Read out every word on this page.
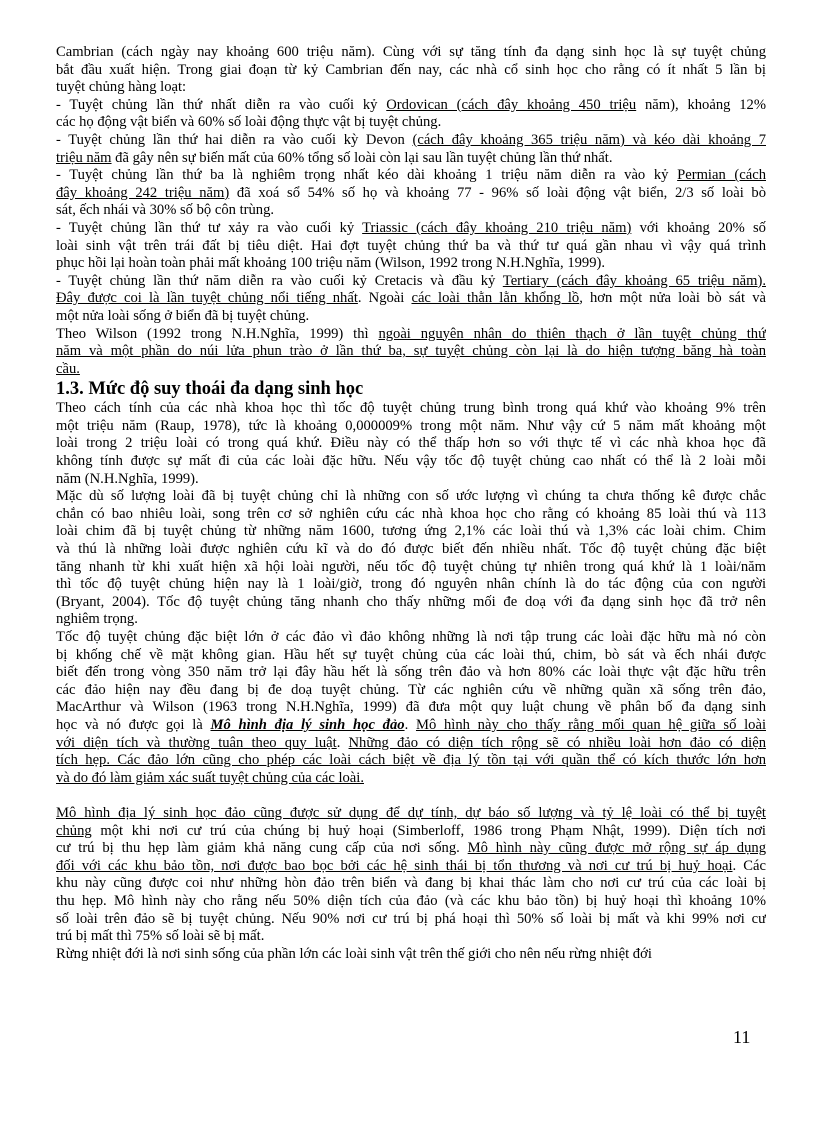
Cambrian (cách ngày nay khoảng 600 triệu năm). Cùng với sự tăng tính đa dạng sinh học là sự tuyệt chủng
bắt đầu xuất hiện. Trong giai đoạn từ kỷ Cambrian đến nay, các nhà cổ sinh học cho rằng có ít nhất 5 lần bị
tuyệt chủng hàng loạt:
- Tuyệt chủng lần thứ nhất diễn ra vào cuối kỷ Ordovican (cách đây khoảng 450 triệu năm), khoảng 12%
các họ động vật biển và 60% số loài động thực vật bị tuyệt chủng.
- Tuyệt chủng lần thứ hai diễn ra vào cuối kỳ Devon (cách đây khoảng 365 triệu năm) và kéo dài khoảng 7
triệu năm đã gây nên sự biến mất của 60% tổng số loài còn lại sau lần tuyệt chủng lần thứ nhất.
- Tuyệt chủng lần thứ ba là nghiêm trọng nhất kéo dài khoảng 1 triệu năm diễn ra vào kỷ Permian (cách
đây khoảng 242 triệu năm) đã xoá sổ 54% số họ và khoảng 77 - 96% số loài động vật biển, 2/3 số loài bò
sát, ếch nhái và 30% số bộ côn trùng.
- Tuyệt chủng lần thứ tư xảy ra vào cuối kỷ Triassic (cách đây khoảng 210 triệu năm) với khoảng 20% số
loài sinh vật trên trái đất bị tiêu diệt. Hai đợt tuyệt chủng thứ ba và thứ tư quá gần nhau vì vậy quá trình
phục hồi lại hoàn toàn phải mất khoảng 100 triệu năm (Wilson, 1992 trong N.H.Nghĩa, 1999).
- Tuyệt chủng lần thứ năm diễn ra vào cuối kỷ Cretacis và đầu kỷ Tertiary (cách đây khoảng 65 triệu năm).
Đây được coi là lần tuyệt chủng nổi tiếng nhất. Ngoài các loài thằn lằn khổng lồ, hơn một nửa loài bò sát và
một nửa loài sống ở biển đã bị tuyệt chủng.
Theo Wilson (1992 trong N.H.Nghĩa, 1999) thì ngoài nguyên nhân do thiên thạch ở lần tuyệt chủng thứ
năm và một phần do núi lửa phun trào ở lần thứ ba, sự tuyệt chủng còn lại là do hiện tượng băng hà toàn
cầu.
1.3. Mức độ suy thoái đa dạng sinh học
Theo cách tính của các nhà khoa học thì tốc độ tuyệt chủng trung bình trong quá khứ vào khoảng 9% trên
một triệu năm (Raup, 1978), tức là khoảng 0,000009% trong một năm. Như vậy cứ 5 năm mất khoảng một
loài trong 2 triệu loài có trong quá khứ. Điều này có thể thấp hơn so với thực tế vì các nhà khoa học đã
không tính được sự mất đi của các loài đặc hữu. Nếu vậy tốc độ tuyệt chủng cao nhất có thể là 2 loài mỗi
năm (N.H.Nghĩa, 1999).
Mặc dù số lượng loài đã bị tuyệt chủng chỉ là những con số ước lượng vì chúng ta chưa thống kê được chắc
chắn có bao nhiêu loài, song trên cơ sở nghiên cứu các nhà khoa học cho rằng có khoảng 85 loài thú và 113
loài chim đã bị tuyệt chủng từ những năm 1600, tương ứng 2,1% các loài thú và 1,3% các loài chim. Chim
và thú là những loài được nghiên cứu kĩ và do đó được biết đến nhiều nhất. Tốc độ tuyệt chủng đặc biệt
tăng nhanh từ khi xuất hiện xã hội loài người, nếu tốc độ tuyệt chủng tự nhiên trong quá khứ là 1 loài/năm
thì tốc độ tuyệt chủng hiện nay là 1 loài/giờ, trong đó nguyên nhân chính là do tác động của con người
(Bryant, 2004). Tốc độ tuyệt chủng tăng nhanh cho thấy những mối đe doạ với đa dạng sinh học đã trở nên
nghiêm trọng.
Tốc độ tuyệt chủng đặc biệt lớn ở các đảo vì đảo không những là nơi tập trung các loài đặc hữu mà nó còn
bị khống chế về mặt không gian. Hầu hết sự tuyệt chủng của các loài thú, chim, bò sát và ếch nhái được
biết đến trong vòng 350 năm trở lại đây hầu hết là sống trên đảo và hơn 80% các loài thực vật đặc hữu trên
các đảo hiện nay đều đang bị đe doạ tuyệt chủng. Từ các nghiên cứu về những quần xã sống trên đảo,
MacArthur và Wilson (1963 trong N.H.Nghĩa, 1999) đã đưa một quy luật chung về phân bố đa dạng sinh
học và nó được gọi là Mô hình địa lý sinh học đảo. Mô hình này cho thấy rằng mối quan hệ giữa số loài
với diện tích và thường tuân theo quy luật. Những đảo có diện tích rộng sẽ có nhiều loài hơn đảo có diện
tích hẹp. Các đảo lớn cũng cho phép các loài cách biệt về địa lý tồn tại với quần thể có kích thước lớn hơn
và do đó làm giảm xác suất tuyệt chủng của các loài.
Mô hình địa lý sinh học đảo cũng được sử dụng để dự tính, dự báo số lượng và tỷ lệ loài có thể bị tuyệt
chủng một khi nơi cư trú của chúng bị huỷ hoại (Simberloff, 1986 trong Phạm Nhật, 1999). Diện tích nơi
cư trú bị thu hẹp làm giảm khả năng cung cấp của nơi sống. Mô hình này cũng được mở rộng sự áp dụng
đối với các khu bảo tồn, nơi được bao bọc bởi các hệ sinh thái bị tổn thương và nơi cư trú bị huỷ hoại. Các
khu này cũng được coi như những hòn đảo trên biển và đang bị khai thác làm cho nơi cư trú của các loài bị
thu hẹp. Mô hình này cho rằng nếu 50% diện tích của đảo (và các khu bảo tồn) bị huỷ hoại thì khoảng 10%
số loài trên đảo sẽ bị tuyệt chủng. Nếu 90% nơi cư trú bị phá hoại thì 50% số loài bị mất và khi 99% nơi cư
trú bị mất thì 75% số loài sẽ bị mất.
Rừng nhiệt đới là nơi sinh sống của phần lớn các loài sinh vật trên thế giới cho nên nếu rừng nhiệt đới
11
